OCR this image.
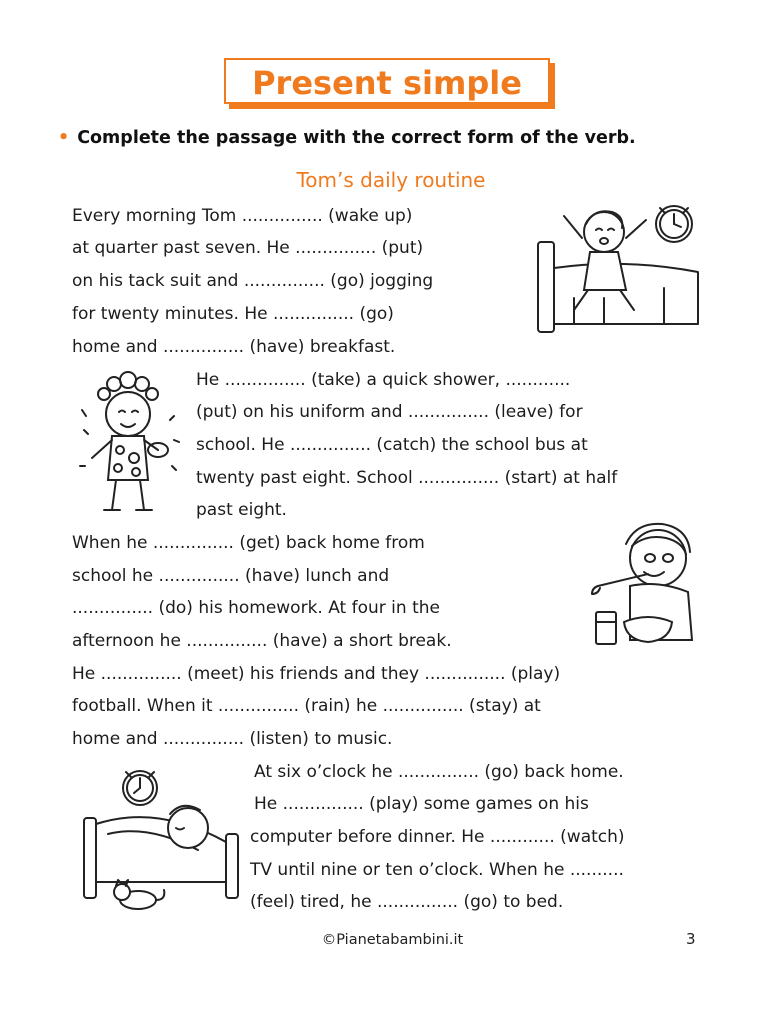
Present simple
• Complete the passage with the correct form of the verb.
Tom’s daily routine
Every morning Tom ............... (wake up)
at quarter past seven. He ............... (put)
on his tack suit and ............... (go) jogging
for twenty minutes. He ............... (go)
home and ............... (have) breakfast.
He ............... (take) a quick shower, ............
(put) on his uniform and ............... (leave) for
school. He ............... (catch) the school bus at
twenty past eight. School ............... (start) at half
past eight.
When he ............... (get) back home from
school he ............... (have) lunch and
............... (do) his homework. At four in the
afternoon he ............... (have) a short break.
He ............... (meet) his friends and they ............... (play)
football. When it ............... (rain) he ............... (stay) at
home and ............... (listen) to music.
At six o’clock he ............... (go) back home.
He ............... (play) some games on his
computer before dinner. He ............ (watch)
TV until nine or ten o’clock. When he ..........
(feel) tired, he ............... (go) to bed.
©Pianetabambini.it	3
